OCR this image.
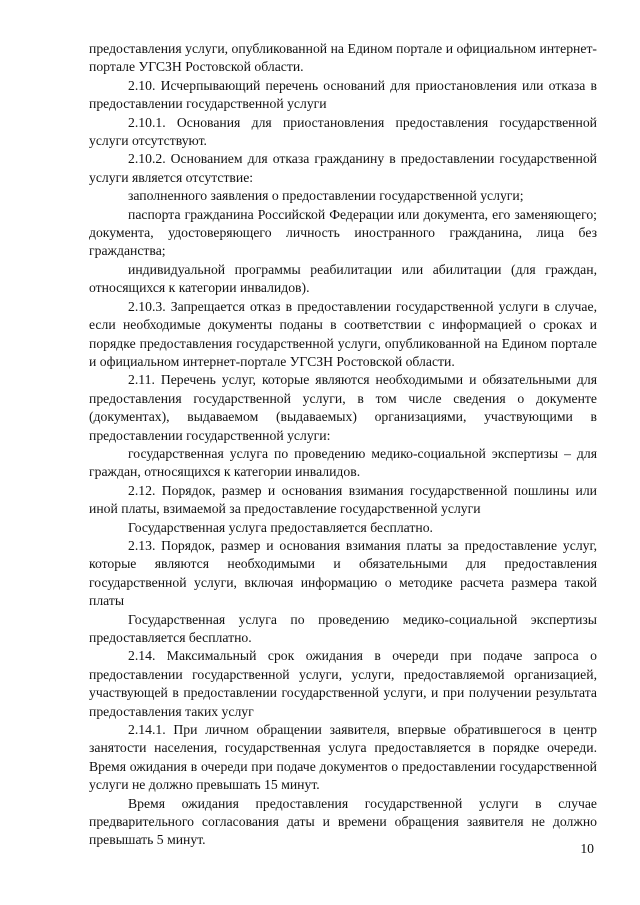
предоставления услуги, опубликованной на Едином портале и официальном интернет-портале УГСЗН Ростовской области.

2.10. Исчерпывающий перечень оснований для приостановления или отказа в предоставлении государственной услуги

2.10.1. Основания для приостановления предоставления государственной услуги отсутствуют.

2.10.2. Основанием для отказа гражданину в предоставлении государственной услуги является отсутствие:

заполненного заявления о предоставлении государственной услуги;

паспорта гражданина Российской Федерации или документа, его заменяющего; документа, удостоверяющего личность иностранного гражданина, лица без гражданства;

индивидуальной программы реабилитации или абилитации (для граждан, относящихся к категории инвалидов).

2.10.3. Запрещается отказ в предоставлении государственной услуги в случае, если необходимые документы поданы в соответствии с информацией о сроках и порядке предоставления государственной услуги, опубликованной на Едином портале и официальном интернет-портале УГСЗН Ростовской области.

2.11. Перечень услуг, которые являются необходимыми и обязательными для предоставления государственной услуги, в том числе сведения о документе (документах), выдаваемом (выдаваемых) организациями, участвующими в предоставлении государственной услуги:

государственная услуга по проведению медико-социальной экспертизы – для граждан, относящихся к категории инвалидов.

2.12. Порядок, размер и основания взимания государственной пошлины или иной платы, взимаемой за предоставление государственной услуги

Государственная услуга предоставляется бесплатно.

2.13. Порядок, размер и основания взимания платы за предоставление услуг, которые являются необходимыми и обязательными для предоставления государственной услуги, включая информацию о методике расчета размера такой платы

Государственная услуга по проведению медико-социальной экспертизы предоставляется бесплатно.

2.14. Максимальный срок ожидания в очереди при подаче запроса о предоставлении государственной услуги, услуги, предоставляемой организацией, участвующей в предоставлении государственной услуги, и при получении результата предоставления таких услуг

2.14.1. При личном обращении заявителя, впервые обратившегося в центр занятости населения, государственная услуга предоставляется в порядке очереди. Время ожидания в очереди при подаче документов о предоставлении государственной услуги не должно превышать 15 минут.

Время ожидания предоставления государственной услуги в случае предварительного согласования даты и времени обращения заявителя не должно превышать 5 минут.

10
